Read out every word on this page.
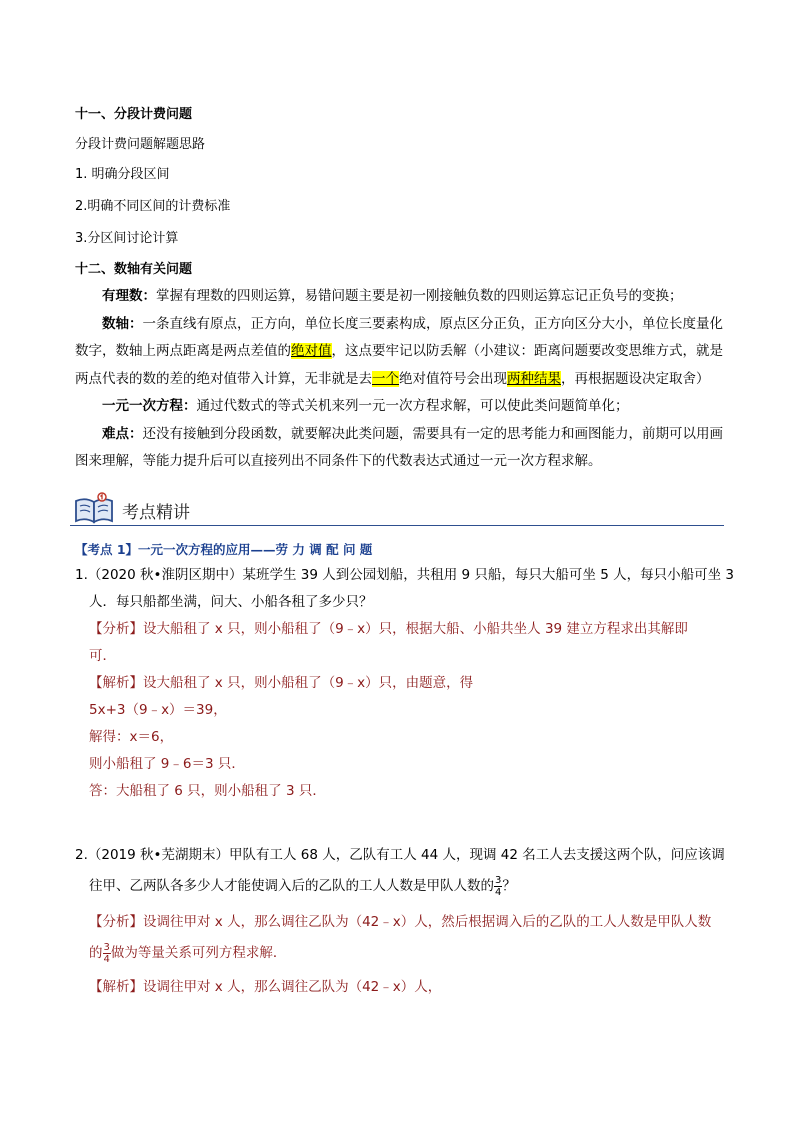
十一、分段计费问题
分段计费问题解题思路
1. 明确分段区间
2.明确不同区间的计费标准
3.分区间讨论计算
十二、数轴有关问题

有理数：掌握有理数的四则运算，易错问题主要是初一刚接触负数的四则运算忘记正负号的变换；

数轴：一条直线有原点，正方向，单位长度三要素构成，原点区分正负，正方向区分大小，单位长度量化数字，数轴上两点距离是两点差值的绝对值，这点要牢记以防丢解（小建议：距离问题要改变思维方式，就是两点代表的数的差的绝对值带入计算，无非就是去一个绝对值符号会出现两种结果，再根据题设决定取舍）

一元一次方程：通过代数式的等式关机来列一元一次方程求解，可以使此类问题简单化；

难点：还没有接触到分段函数，就要解决此类问题，需要具有一定的思考能力和画图能力，前期可以用画图来理解，等能力提升后可以直接列出不同条件下的代数表达式通过一元一次方程求解。

考点精讲
【考点 1】一元一次方程的应用——劳 力 调 配 问 题
1.（2020 秋•淮阴区期中）某班学生 39 人到公园划船，共租用 9 只船，每只大船可坐 5 人，每只小船可坐 3
人．每只船都坐满，问大、小船各租了多少只？
【分析】设大船租了 x 只，则小船租了（9﹣x）只，根据大船、小船共坐人 39 建立方程求出其解即
可．
【解析】设大船租了 x 只，则小船租了（9﹣x）只，由题意，得
5x+3（9﹣x）＝39，
解得：x＝6，
则小船租了 9﹣6＝3 只．
答：大船租了 6 只，则小船租了 3 只．
2.（2019 秋•芜湖期末）甲队有工人 68 人，乙队有工人 44 人，现调 42 名工人去支援这两个队，问应该调
往甲、乙两队各多少人才能使调入后的乙队的工人人数是甲队人数的 $\frac{3}{4}$ ？
【分析】设调往甲对 x 人，那么调往乙队为（42﹣x）人，然后根据调入后的乙队的工人人数是甲队人数
的 $\frac{3}{4}$ 做为等量关系可列方程求解．
【解析】设调往甲对 x 人，那么调往乙队为（42﹣x）人，
